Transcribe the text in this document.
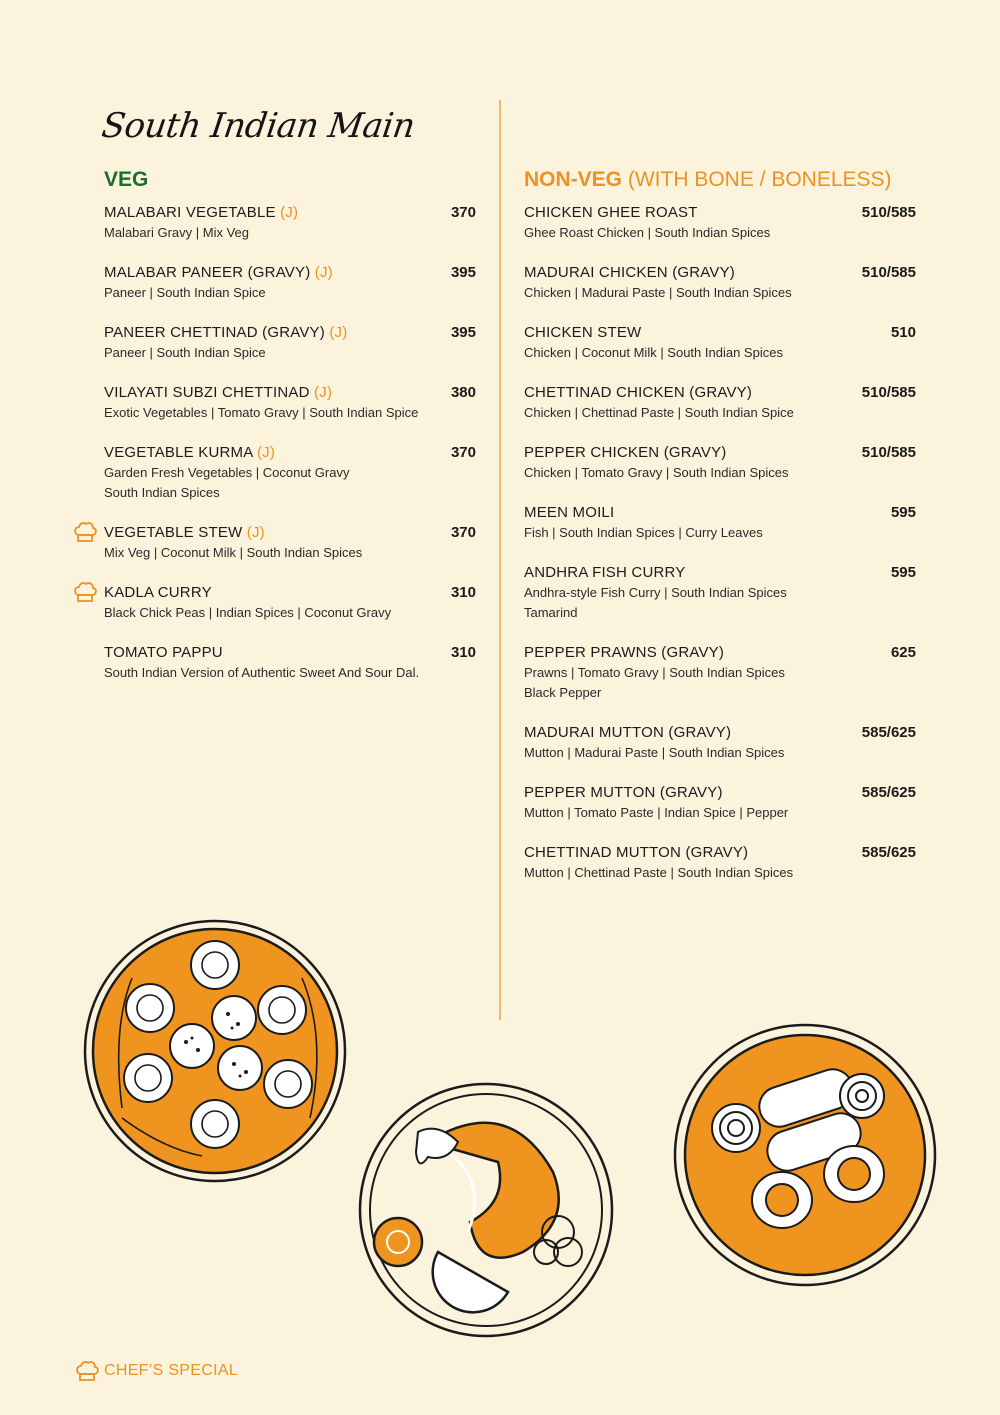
South Indian Main
VEG
MALABARI VEGETABLE (J)	370
Malabari Gravy | Mix Veg
MALABAR PANEER (GRAVY) (J)	395
Paneer | South Indian Spice
PANEER CHETTINAD (GRAVY) (J)	395
Paneer | South Indian Spice
VILAYATI SUBZI CHETTINAD (J)	380
Exotic Vegetables | Tomato Gravy | South Indian Spice
VEGETABLE KURMA (J)	370
Garden Fresh Vegetables | Coconut Gravy
South Indian Spices
VEGETABLE STEW (J)	370
Mix Veg | Coconut Milk | South Indian Spices
KADLA CURRY	310
Black Chick Peas | Indian Spices | Coconut Gravy
TOMATO PAPPU	310
South Indian Version of Authentic Sweet And Sour Dal.
NON-VEG (WITH BONE / BONELESS)
CHICKEN GHEE ROAST	510/585
Ghee Roast Chicken | South Indian Spices
MADURAI CHICKEN (GRAVY)	510/585
Chicken | Madurai Paste | South Indian Spices
CHICKEN STEW	510
Chicken | Coconut Milk | South Indian Spices
CHETTINAD CHICKEN (GRAVY)	510/585
Chicken | Chettinad Paste | South Indian Spice
PEPPER CHICKEN (GRAVY)	510/585
Chicken | Tomato Gravy | South Indian Spices
MEEN MOILI	595
Fish | South Indian Spices | Curry Leaves
ANDHRA FISH CURRY	595
Andhra-style Fish Curry | South Indian Spices
Tamarind
PEPPER PRAWNS (GRAVY)	625
Prawns | Tomato Gravy | South Indian Spices
Black Pepper
MADURAI MUTTON (GRAVY)	585/625
Mutton | Madurai Paste | South Indian Spices
PEPPER MUTTON (GRAVY)	585/625
Mutton | Tomato Paste | Indian Spice | Pepper
CHETTINAD MUTTON (GRAVY)	585/625
Mutton | Chettinad Paste | South Indian Spices
CHEF’S SPECIAL
